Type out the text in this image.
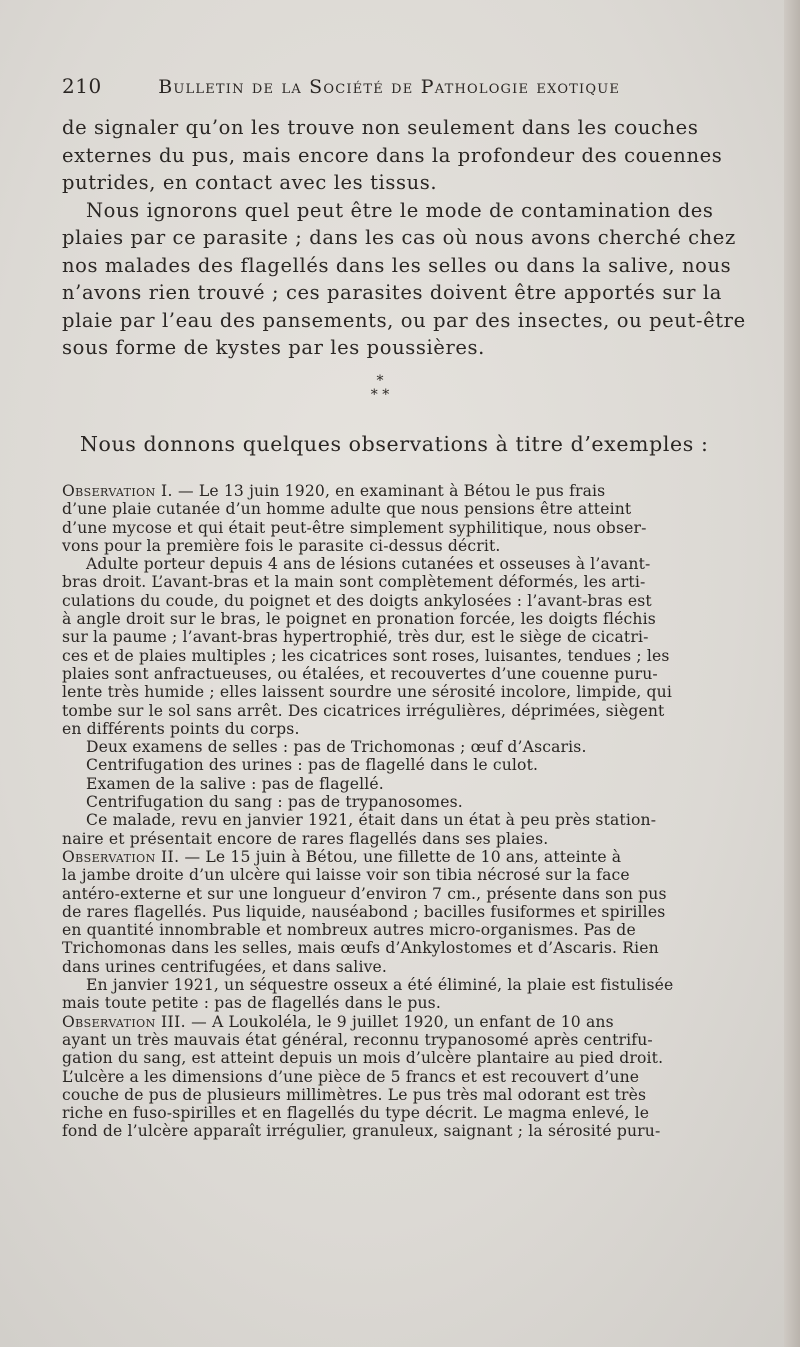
210	Bulletin de la Société de Pathologie exotique
de signaler qu’on les trouve non seulement dans les couches
externes du pus, mais encore dans la profondeur des couennes
putrides, en contact avec les tissus.
Nous ignorons quel peut être le mode de contamination des
plaies par ce parasite ; dans les cas où nous avons cherché chez
nos malades des flagellés dans les selles ou dans la salive, nous
n’avons rien trouvé ; ces parasites doivent être apportés sur la
plaie par l’eau des pansements, ou par des insectes, ou peut-être
sous forme de kystes par les poussières.
*
* *
Nous donnons quelques observations à titre d’exemples :
Observation I. — Le 13 juin 1920, en examinant à Bétou le pus frais
d’une plaie cutanée d’un homme adulte que nous pensions être atteint
d’une mycose et qui était peut-être simplement syphilitique, nous obser-
vons pour la première fois le parasite ci-dessus décrit.
Adulte porteur depuis 4 ans de lésions cutanées et osseuses à l’avant-
bras droit. L’avant-bras et la main sont complètement déformés, les arti-
culations du coude, du poignet et des doigts ankylosées : l’avant-bras est
à angle droit sur le bras, le poignet en pronation forcée, les doigts fléchis
sur la paume ; l’avant-bras hypertrophié, très dur, est le siège de cicatri-
ces et de plaies multiples ; les cicatrices sont roses, luisantes, tendues ; les
plaies sont anfractueuses, ou étalées, et recouvertes d’une couenne puru-
lente très humide ; elles laissent sourdre une sérosité incolore, limpide, qui
tombe sur le sol sans arrêt. Des cicatrices irrégulières, déprimées, siègent
en différents points du corps.
Deux examens de selles : pas de Trichomonas ; œuf d’Ascaris.
Centrifugation des urines : pas de flagellé dans le culot.
Examen de la salive : pas de flagellé.
Centrifugation du sang : pas de trypanosomes.
Ce malade, revu en janvier 1921, était dans un état à peu près station-
naire et présentait encore de rares flagellés dans ses plaies.
Observation II. — Le 15 juin à Bétou, une fillette de 10 ans, atteinte à
la jambe droite d’un ulcère qui laisse voir son tibia nécrosé sur la face
antéro-externe et sur une longueur d’environ 7 cm., présente dans son pus
de rares flagellés. Pus liquide, nauséabond ; bacilles fusiformes et spirilles
en quantité innombrable et nombreux autres micro-organismes. Pas de
Trichomonas dans les selles, mais œufs d’Ankylostomes et d’Ascaris. Rien
dans urines centrifugées, et dans salive.
En janvier 1921, un séquestre osseux a été éliminé, la plaie est fistulisée
mais toute petite : pas de flagellés dans le pus.
Observation III. — A Loukoléla, le 9 juillet 1920, un enfant de 10 ans
ayant un très mauvais état général, reconnu trypanosomé après centrifu-
gation du sang, est atteint depuis un mois d’ulcère plantaire au pied droit.
L’ulcère a les dimensions d’une pièce de 5 francs et est recouvert d’une
couche de pus de plusieurs millimètres. Le pus très mal odorant est très
riche en fuso-spirilles et en flagellés du type décrit. Le magma enlevé, le
fond de l’ulcère apparaît irrégulier, granuleux, saignant ; la sérosité puru-
